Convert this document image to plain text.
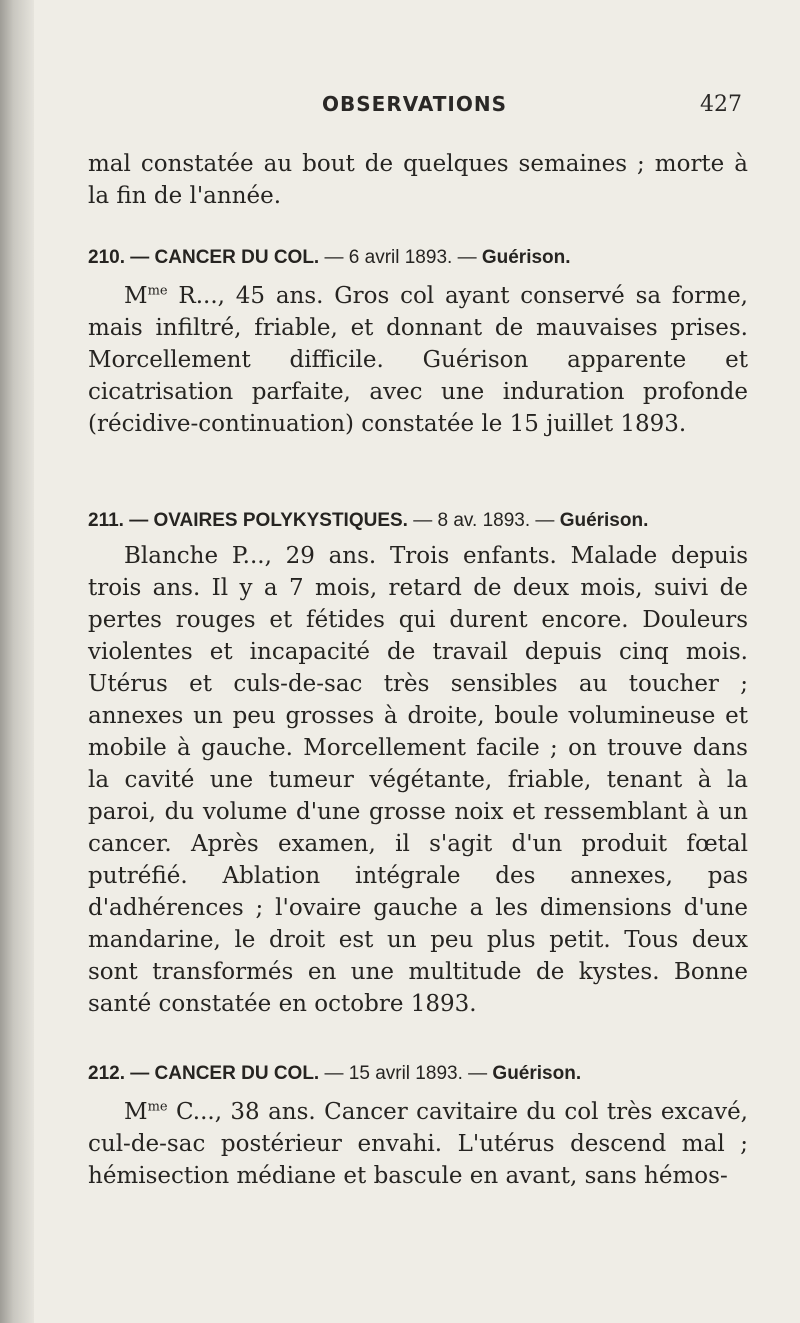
OBSERVATIONS	427

mal constatée au bout de quelques semaines ; morte à la fin de l'année.

210. — CANCER DU COL. — 6 avril 1893. — Guérison.

$M^{me}$ R..., 45 ans. Gros col ayant conservé sa forme, mais infiltré, friable, et donnant de mauvaises prises. Morcellement difficile. Guérison apparente et cicatrisation parfaite, avec une induration profonde (récidive-continuation) constatée le 15 juillet 1893.

211. — OVAIRES POLYKYSTIQUES. — 8 av. 1893. — Guérison.

Blanche P..., 29 ans. Trois enfants. Malade depuis trois ans. Il y a 7 mois, retard de deux mois, suivi de pertes rouges et fétides qui durent encore. Douleurs violentes et incapacité de travail depuis cinq mois. Utérus et culs-de-sac très sensibles au toucher ; annexes un peu grosses à droite, boule volumineuse et mobile à gauche. Morcellement facile ; on trouve dans la cavité une tumeur végétante, friable, tenant à la paroi, du volume d'une grosse noix et ressemblant à un cancer. Après examen, il s'agit d'un produit fœtal putréfié. Ablation intégrale des annexes, pas d'adhérences ; l'ovaire gauche a les dimensions d'une mandarine, le droit est un peu plus petit. Tous deux sont transformés en une multitude de kystes. Bonne santé constatée en octobre 1893.

212. — CANCER DU COL. — 15 avril 1893. — Guérison.

$M^{me}$ C..., 38 ans. Cancer cavitaire du col très excavé, cul-de-sac postérieur envahi. L'utérus descend mal ; hémisection médiane et bascule en avant, sans hémos-
